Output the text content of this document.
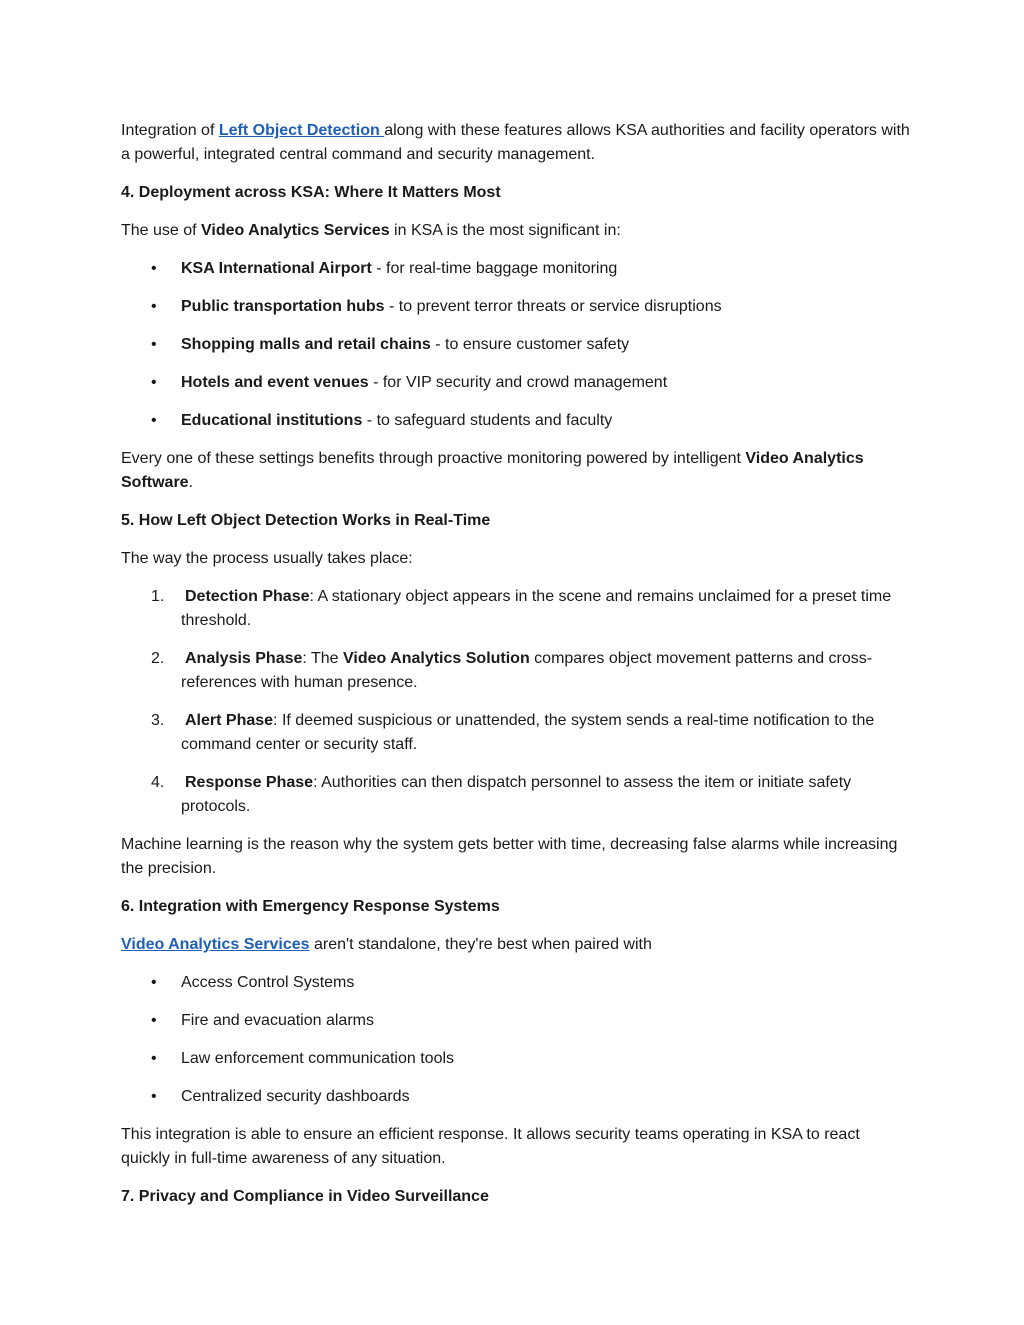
Integration of Left Object Detection along with these features allows KSA authorities and facility operators with a powerful, integrated central command and security management.

4. Deployment across KSA: Where It Matters Most

The use of Video Analytics Services in KSA is the most significant in:

• KSA International Airport - for real-time baggage monitoring
• Public transportation hubs - to prevent terror threats or service disruptions
• Shopping malls and retail chains - to ensure customer safety
• Hotels and event venues - for VIP security and crowd management
• Educational institutions - to safeguard students and faculty

Every one of these settings benefits through proactive monitoring powered by intelligent Video Analytics Software.

5. How Left Object Detection Works in Real-Time

The way the process usually takes place:

1. Detection Phase: A stationary object appears in the scene and remains unclaimed for a preset time threshold.
2. Analysis Phase: The Video Analytics Solution compares object movement patterns and cross-references with human presence.
3. Alert Phase: If deemed suspicious or unattended, the system sends a real-time notification to the command center or security staff.
4. Response Phase: Authorities can then dispatch personnel to assess the item or initiate safety protocols.

Machine learning is the reason why the system gets better with time, decreasing false alarms while increasing the precision.

6. Integration with Emergency Response Systems

Video Analytics Services aren't standalone, they're best when paired with

• Access Control Systems
• Fire and evacuation alarms
• Law enforcement communication tools
• Centralized security dashboards

This integration is able to ensure an efficient response. It allows security teams operating in KSA to react quickly in full-time awareness of any situation.

7. Privacy and Compliance in Video Surveillance
